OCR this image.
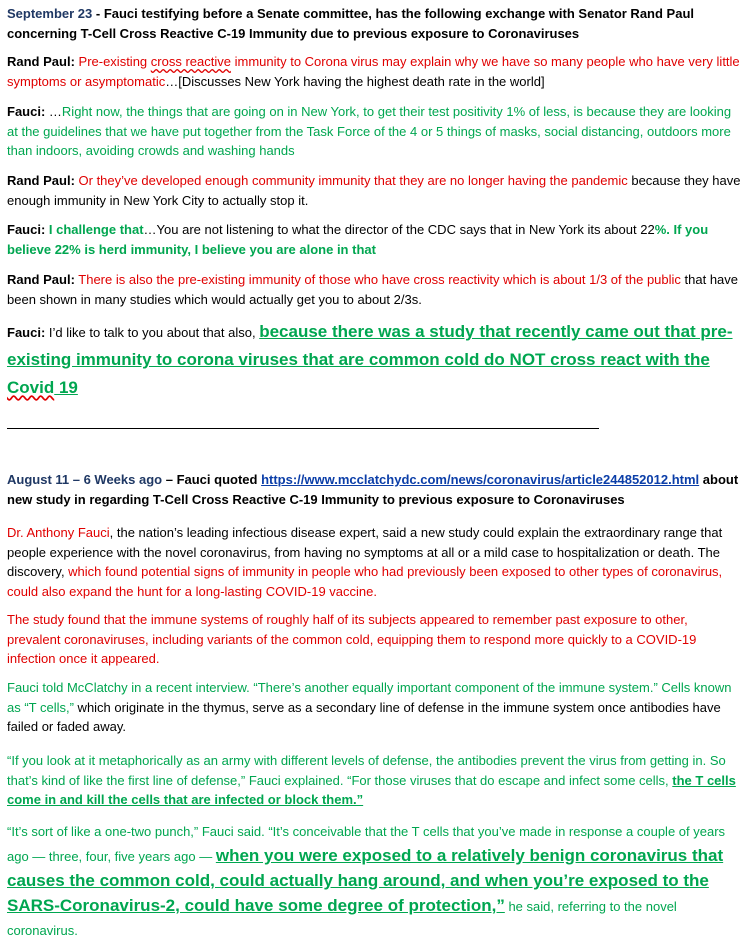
September 23 - Fauci testifying before a Senate committee, has the following exchange with Senator Rand Paul concerning T-Cell Cross Reactive C-19 Immunity due to previous exposure to Coronaviruses

Rand Paul: Pre-existing cross reactive immunity to Corona virus may explain why we have so many people who have very little symptoms or asymptomatic…[Discusses New York having the highest death rate in the world]

Fauci: …Right now, the things that are going on in New York, to get their test positivity 1% of less, is because they are looking at the guidelines that we have put together from the Task Force of the 4 or 5 things of masks, social distancing, outdoors more than indoors, avoiding crowds and washing hands

Rand Paul: Or they’ve developed enough community immunity that they are no longer having the pandemic because they have enough immunity in New York City to actually stop it.

Fauci: I challenge that…You are not listening to what the director of the CDC says that in New York its about 22%. If you believe 22% is herd immunity, I believe you are alone in that

Rand Paul: There is also the pre-existing immunity of those who have cross reactivity which is about 1/3 of the public that have been shown in many studies which would actually get you to about 2/3s.

Fauci: I’d like to talk to you about that also, because there was a study that recently came out that pre-existing immunity to corona viruses that are common cold do NOT cross react with the Covid 19

August 11 – 6 Weeks ago – Fauci quoted https://www.mcclatchydc.com/news/coronavirus/article244852012.html about new study in regarding T-Cell Cross Reactive C-19 Immunity to previous exposure to Coronaviruses

Dr. Anthony Fauci, the nation’s leading infectious disease expert, said a new study could explain the extraordinary range that people experience with the novel coronavirus, from having no symptoms at all or a mild case to hospitalization or death. The discovery, which found potential signs of immunity in people who had previously been exposed to other types of coronavirus, could also expand the hunt for a long-lasting COVID-19 vaccine.

The study found that the immune systems of roughly half of its subjects appeared to remember past exposure to other, prevalent coronaviruses, including variants of the common cold, equipping them to respond more quickly to a COVID-19 infection once it appeared.

Fauci told McClatchy in a recent interview. “There’s another equally important component of the immune system.” Cells known as “T cells,” which originate in the thymus, serve as a secondary line of defense in the immune system once antibodies have failed or faded away.

“If you look at it metaphorically as an army with different levels of defense, the antibodies prevent the virus from getting in. So that’s kind of like the first line of defense,” Fauci explained. “For those viruses that do escape and infect some cells, the T cells come in and kill the cells that are infected or block them.”

“It’s sort of like a one-two punch,” Fauci said. “It’s conceivable that the T cells that you’ve made in response a couple of years ago — three, four, five years ago — when you were exposed to a relatively benign coronavirus that causes the common cold, could actually hang around, and when you’re exposed to the SARS-Coronavirus-2, could have some degree of protection,” he said, referring to the novel coronavirus.
